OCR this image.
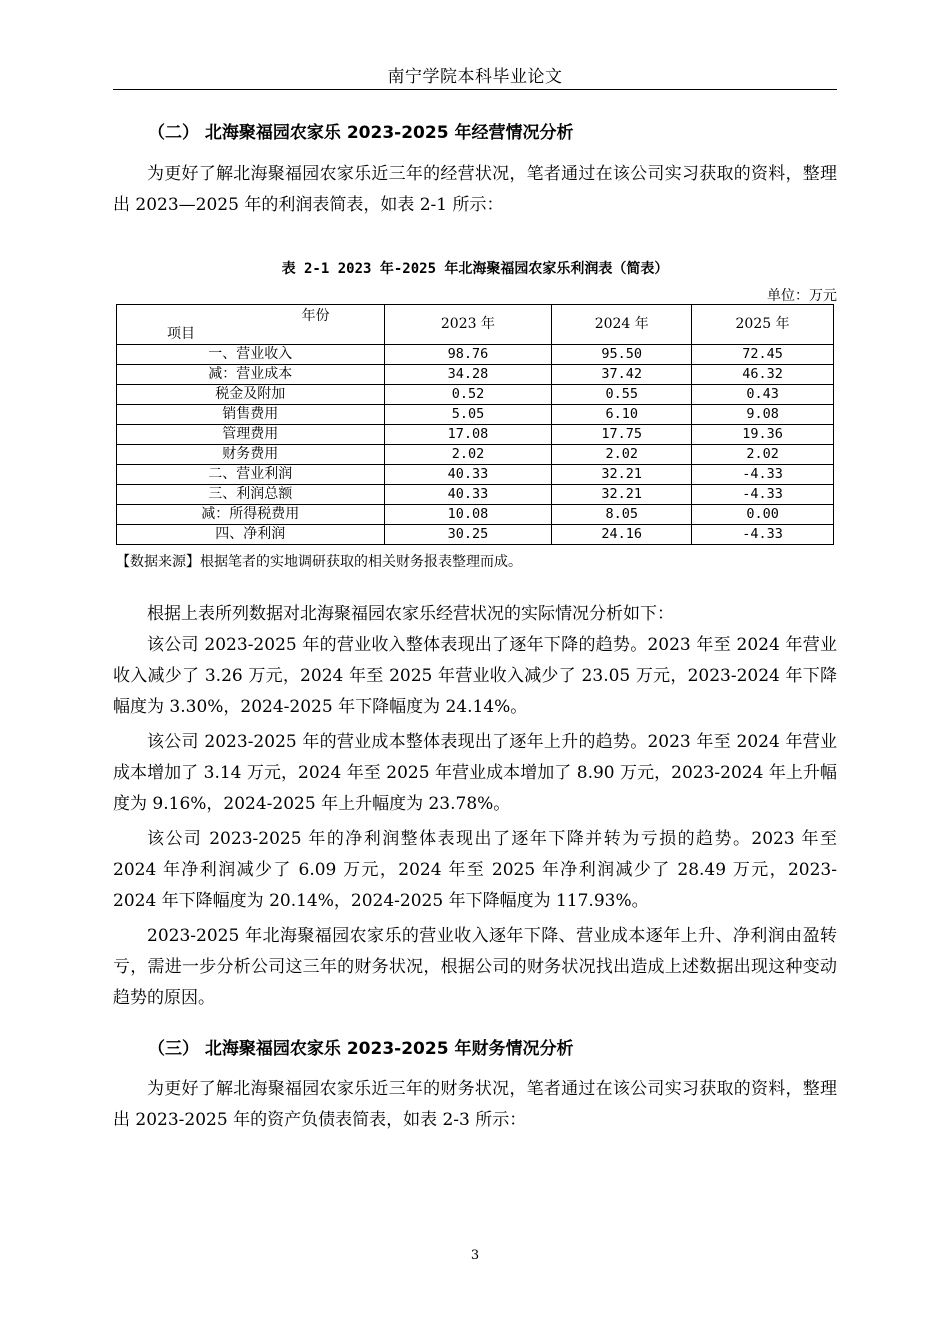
南宁学院本科毕业论文
（二） 北海聚福园农家乐 2023-2025 年经营情况分析

为更好了解北海聚福园农家乐近三年的经营状况，笔者通过在该公司实习获取的资料，整理出 2023—2025 年的利润表简表，如表 2-1 所示：

表 2-1 2023 年-2025 年北海聚福园农家乐利润表（简表）
单位：万元
年份
项目	2023 年	2024 年	2025 年
一、营业收入	98.76	95.50	72.45
减：营业成本	34.28	37.42	46.32
税金及附加	0.52	0.55	0.43
销售费用	5.05	6.10	9.08
管理费用	17.08	17.75	19.36
财务费用	2.02	2.02	2.02
二、营业利润	40.33	32.21	-4.33
三、利润总额	40.33	32.21	-4.33
减：所得税费用	10.08	8.05	0.00
四、净利润	30.25	24.16	-4.33
【数据来源】根据笔者的实地调研获取的相关财务报表整理而成。

根据上表所列数据对北海聚福园农家乐经营状况的实际情况分析如下：

该公司 2023-2025 年的营业收入整体表现出了逐年下降的趋势。2023 年至 2024 年营业收入减少了 3.26 万元，2024 年至 2025 年营业收入减少了 23.05 万元，2023-2024 年下降幅度为 3.30%，2024-2025 年下降幅度为 24.14%。

该公司 2023-2025 年的营业成本整体表现出了逐年上升的趋势。2023 年至 2024 年营业成本增加了 3.14 万元，2024 年至 2025 年营业成本增加了 8.90 万元，2023-2024 年上升幅度为 9.16%，2024-2025 年上升幅度为 23.78%。

该公司 2023-2025 年的净利润整体表现出了逐年下降并转为亏损的趋势。2023 年至 2024 年净利润减少了 6.09 万元，2024 年至 2025 年净利润减少了 28.49 万元，2023-2024 年下降幅度为 20.14%，2024-2025 年下降幅度为 117.93%。

2023-2025 年北海聚福园农家乐的营业收入逐年下降、营业成本逐年上升、净利润由盈转亏，需进一步分析公司这三年的财务状况，根据公司的财务状况找出造成上述数据出现这种变动趋势的原因。

（三） 北海聚福园农家乐 2023-2025 年财务情况分析

为更好了解北海聚福园农家乐近三年的财务状况，笔者通过在该公司实习获取的资料，整理出 2023-2025 年的资产负债表简表，如表 2-3 所示：

3
